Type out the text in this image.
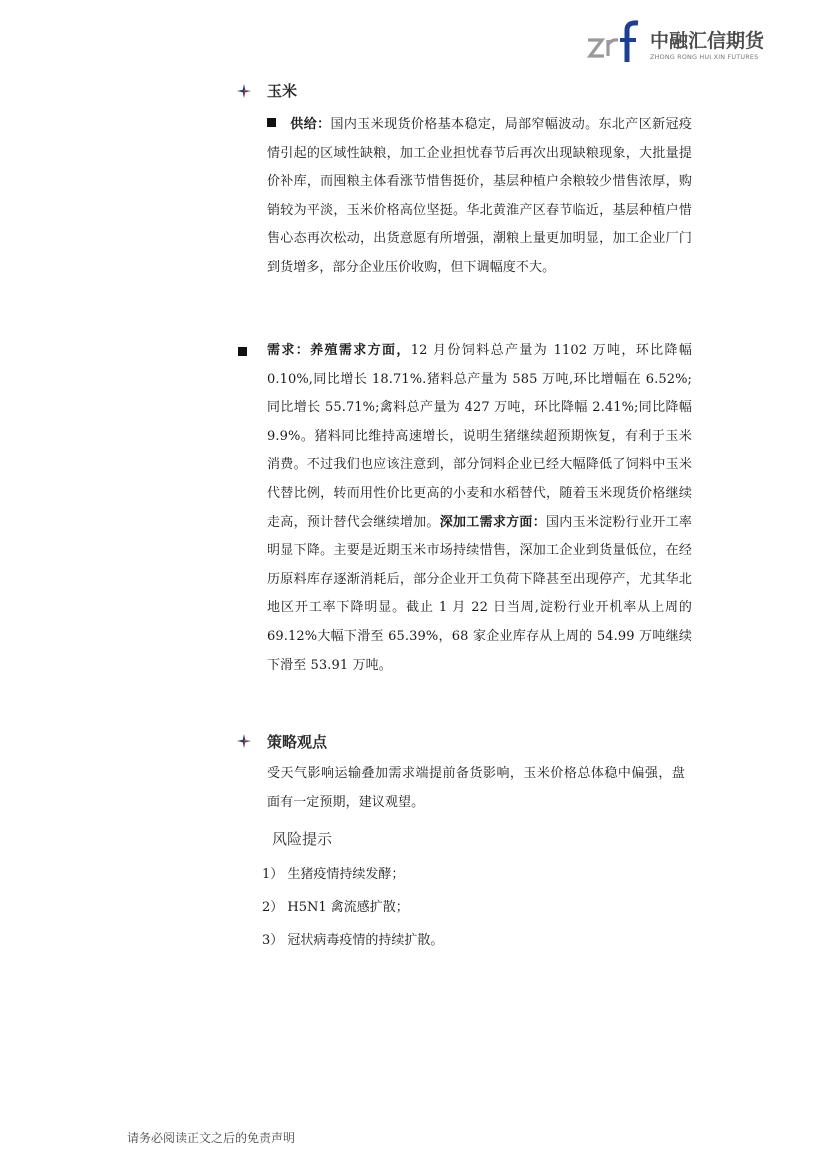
中融汇信期货
ZHONG RONG HUI XIN FUTURES
玉米
供给：国内玉米现货价格基本稳定，局部窄幅波动。东北产区新冠疫情引起的区域性缺粮，加工企业担忧春节后再次出现缺粮现象，大批量提价补库，而囤粮主体看涨节惜售挺价，基层种植户余粮较少惜售浓厚，购销较为平淡，玉米价格高位坚挺。华北黄淮产区春节临近，基层种植户惜售心态再次松动，出货意愿有所增强，潮粮上量更加明显，加工企业厂门到货增多，部分企业压价收购，但下调幅度不大。
需求：养殖需求方面，12 月份饲料总产量为 1102 万吨，环比降幅 0.10%,同比增长 18.71%.猪料总产量为 585 万吨,环比增幅在 6.52%;同比增长 55.71%;禽料总产量为 427 万吨，环比降幅 2.41%;同比降幅 9.9%。猪料同比维持高速增长，说明生猪继续超预期恢复，有利于玉米消费。不过我们也应该注意到，部分饲料企业已经大幅降低了饲料中玉米代替比例，转而用性价比更高的小麦和水稻替代，随着玉米现货价格继续走高，预计替代会继续增加。深加工需求方面：国内玉米淀粉行业开工率明显下降。主要是近期玉米市场持续惜售，深加工企业到货量低位，在经历原料库存逐渐消耗后，部分企业开工负荷下降甚至出现停产，尤其华北地区开工率下降明显。截止 1 月 22 日当周,淀粉行业开机率从上周的 69.12%大幅下滑至 65.39%，68 家企业库存从上周的 54.99 万吨继续下滑至 53.91 万吨。
策略观点
受天气影响运输叠加需求端提前备货影响，玉米价格总体稳中偏强，盘面有一定预期，建议观望。
风险提示
1） 生猪疫情持续发酵；
2） H5N1 禽流感扩散；
3） 冠状病毒疫情的持续扩散。
请务必阅读正文之后的免责声明
